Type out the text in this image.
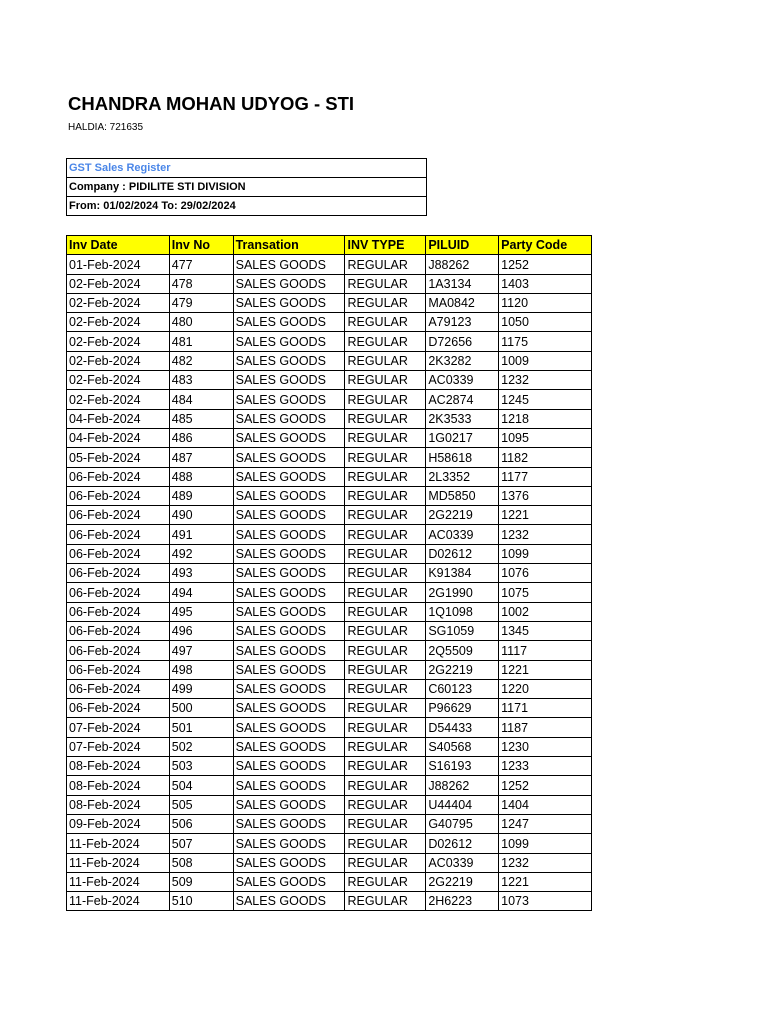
CHANDRA MOHAN UDYOG - STI
HALDIA: 721635
GST Sales Register
Company : PIDILITE STI DIVISION
From: 01/02/2024 To: 29/02/2024
Inv Date	Inv No	Transation	INV TYPE	PILUID	Party Code
01-Feb-2024	477	SALES GOODS	REGULAR	J88262	1252
02-Feb-2024	478	SALES GOODS	REGULAR	1A3134	1403
02-Feb-2024	479	SALES GOODS	REGULAR	MA0842	1120
02-Feb-2024	480	SALES GOODS	REGULAR	A79123	1050
02-Feb-2024	481	SALES GOODS	REGULAR	D72656	1175
02-Feb-2024	482	SALES GOODS	REGULAR	2K3282	1009
02-Feb-2024	483	SALES GOODS	REGULAR	AC0339	1232
02-Feb-2024	484	SALES GOODS	REGULAR	AC2874	1245
04-Feb-2024	485	SALES GOODS	REGULAR	2K3533	1218
04-Feb-2024	486	SALES GOODS	REGULAR	1G0217	1095
05-Feb-2024	487	SALES GOODS	REGULAR	H58618	1182
06-Feb-2024	488	SALES GOODS	REGULAR	2L3352	1177
06-Feb-2024	489	SALES GOODS	REGULAR	MD5850	1376
06-Feb-2024	490	SALES GOODS	REGULAR	2G2219	1221
06-Feb-2024	491	SALES GOODS	REGULAR	AC0339	1232
06-Feb-2024	492	SALES GOODS	REGULAR	D02612	1099
06-Feb-2024	493	SALES GOODS	REGULAR	K91384	1076
06-Feb-2024	494	SALES GOODS	REGULAR	2G1990	1075
06-Feb-2024	495	SALES GOODS	REGULAR	1Q1098	1002
06-Feb-2024	496	SALES GOODS	REGULAR	SG1059	1345
06-Feb-2024	497	SALES GOODS	REGULAR	2Q5509	1117
06-Feb-2024	498	SALES GOODS	REGULAR	2G2219	1221
06-Feb-2024	499	SALES GOODS	REGULAR	C60123	1220
06-Feb-2024	500	SALES GOODS	REGULAR	P96629	1171
07-Feb-2024	501	SALES GOODS	REGULAR	D54433	1187
07-Feb-2024	502	SALES GOODS	REGULAR	S40568	1230
08-Feb-2024	503	SALES GOODS	REGULAR	S16193	1233
08-Feb-2024	504	SALES GOODS	REGULAR	J88262	1252
08-Feb-2024	505	SALES GOODS	REGULAR	U44404	1404
09-Feb-2024	506	SALES GOODS	REGULAR	G40795	1247
11-Feb-2024	507	SALES GOODS	REGULAR	D02612	1099
11-Feb-2024	508	SALES GOODS	REGULAR	AC0339	1232
11-Feb-2024	509	SALES GOODS	REGULAR	2G2219	1221
11-Feb-2024	510	SALES GOODS	REGULAR	2H6223	1073
